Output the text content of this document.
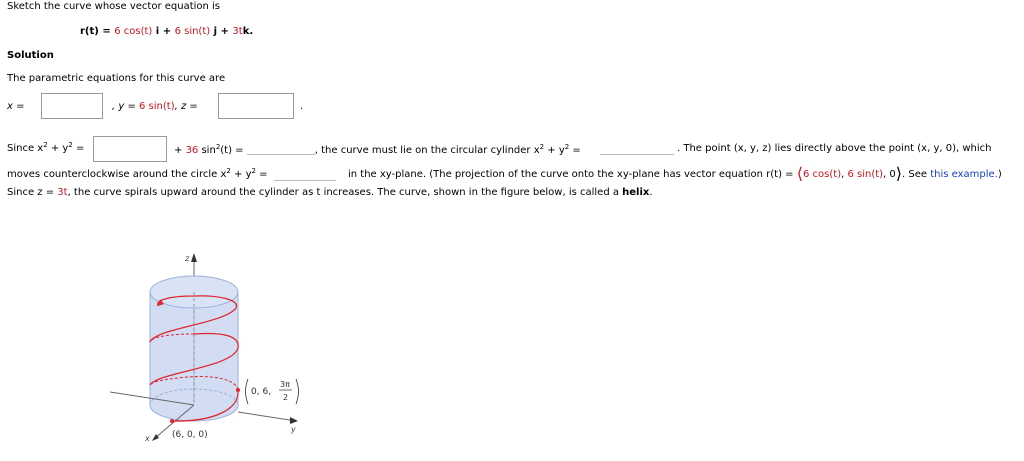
Sketch the curve whose vector equation is
r(t) = 6 cos(t) i + 6 sin(t) j + 3tk.
Solution
The parametric equations for this curve are
x =	, y = 6 sin(t), z =	.
Since $x^2 + y^2$ =	+ 36 $\sin^2(t)$ =	, the curve must lie on the circular cylinder $x^2 + y^2$ =	. The point (x, y, z) lies directly above the point (x, y, 0), which
moves counterclockwise around the circle $x^2 + y^2$ =	in the xy-plane. (The projection of the curve onto the xy-plane has vector equation r(t) = ⟨6 cos(t), 6 sin(t), 0⟩. See this example.)
Since z = 3t, the curve spirals upward around the cylinder as t increases. The curve, shown in the figure below, is called a helix.
z
x
y
(6, 0, 0)
0, 6,
3π
2
